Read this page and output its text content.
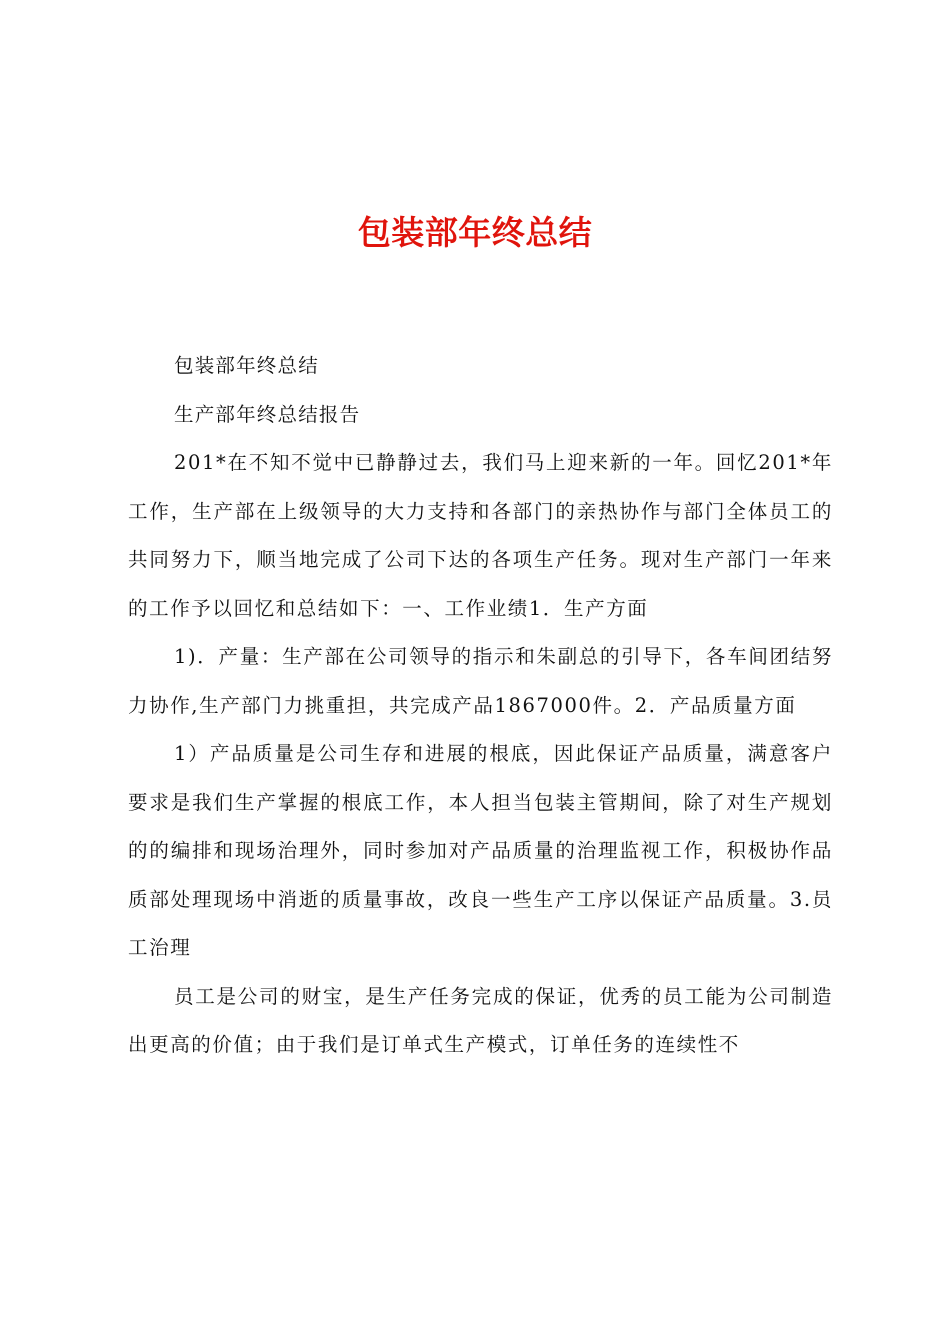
包装部年终总结

包装部年终总结

生产部年终总结报告

201*在不知不觉中已静静过去，我们马上迎来新的一年。回忆201*年工作，生产部在上级领导的大力支持和各部门的亲热协作与部门全体员工的共同努力下，顺当地完成了公司下达的各项生产任务。现对生产部门一年来的工作予以回忆和总结如下：一、工作业绩1．生产方面

1)．产量：生产部在公司领导的指示和朱副总的引导下，各车间团结努力协作,生产部门力挑重担，共完成产品1867000件。2．产品质量方面

1）产品质量是公司生存和进展的根底，因此保证产品质量，满意客户要求是我们生产掌握的根底工作，本人担当包装主管期间，除了对生产规划的的编排和现场治理外，同时参加对产品质量的治理监视工作，积极协作品质部处理现场中消逝的质量事故，改良一些生产工序以保证产品质量。3.员工治理

员工是公司的财宝，是生产任务完成的保证，优秀的员工能为公司制造出更高的价值；由于我们是订单式生产模式，订单任务的连续性不
